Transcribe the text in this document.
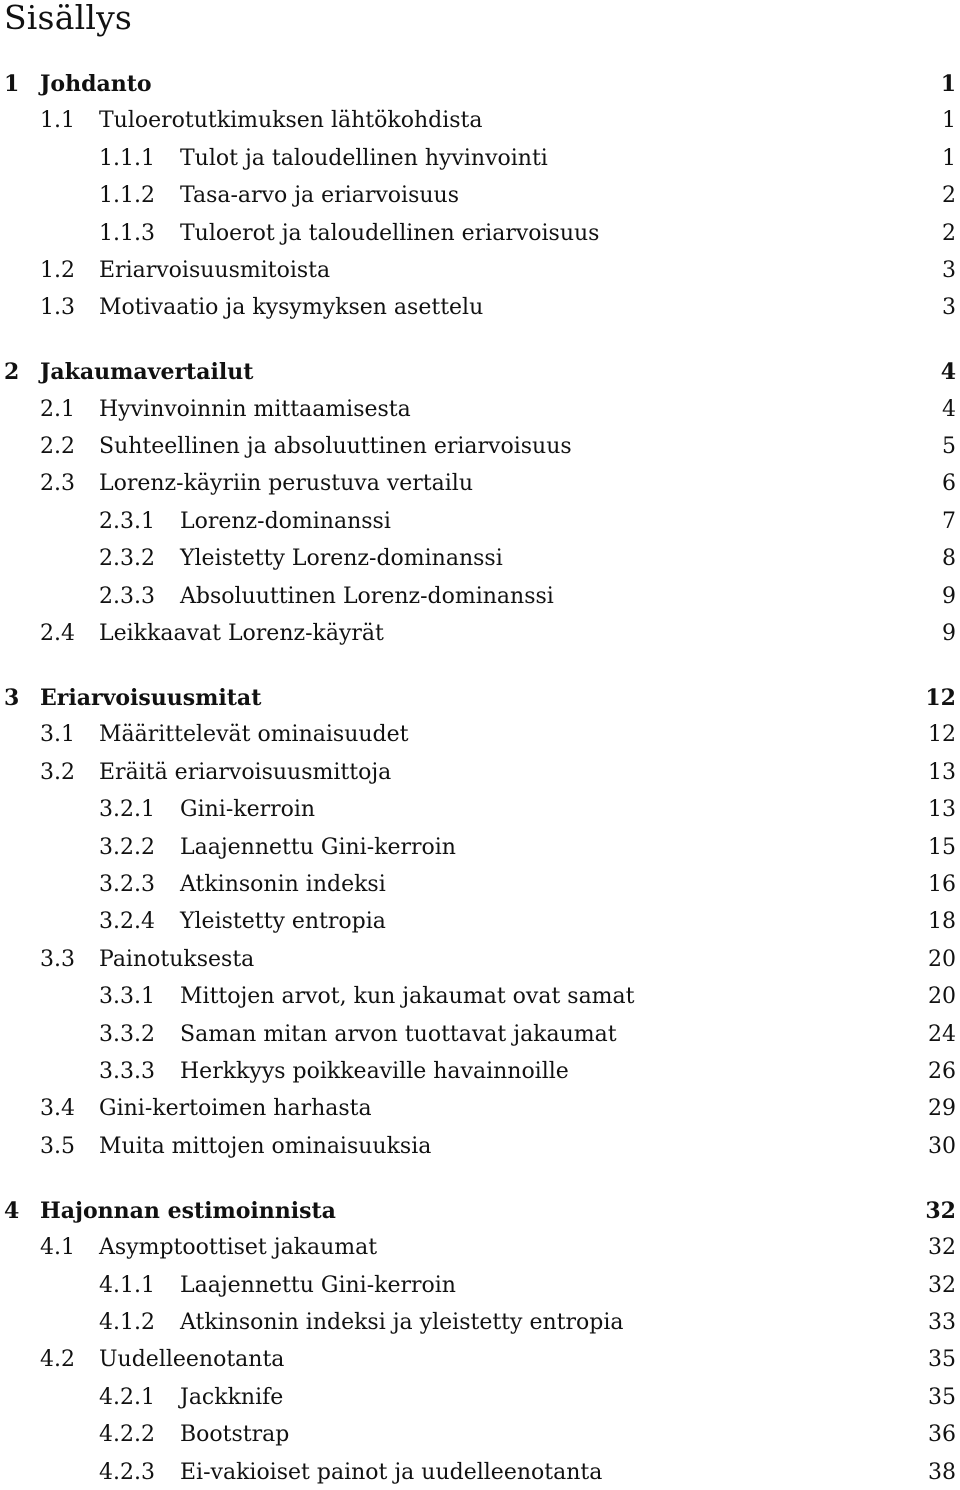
Sisällys
1 Johdanto	1
1.1 Tuloerotutkimuksen lähtökohdista	1
1.1.1 Tulot ja taloudellinen hyvinvointi	1
1.1.2 Tasa-arvo ja eriarvoisuus	2
1.1.3 Tuloerot ja taloudellinen eriarvoisuus	2
1.2 Eriarvoisuusmitoista	3
1.3 Motivaatio ja kysymyksen asettelu	3
2 Jakaumavertailut	4
2.1 Hyvinvoinnin mittaamisesta	4
2.2 Suhteellinen ja absoluuttinen eriarvoisuus	5
2.3 Lorenz-käyriin perustuva vertailu	6
2.3.1 Lorenz-dominanssi	7
2.3.2 Yleistetty Lorenz-dominanssi	8
2.3.3 Absoluuttinen Lorenz-dominanssi	9
2.4 Leikkaavat Lorenz-käyrät	9
3 Eriarvoisuusmitat	12
3.1 Määrittelevät ominaisuudet	12
3.2 Eräitä eriarvoisuusmittoja	13
3.2.1 Gini-kerroin	13
3.2.2 Laajennettu Gini-kerroin	15
3.2.3 Atkinsonin indeksi	16
3.2.4 Yleistetty entropia	18
3.3 Painotuksesta	20
3.3.1 Mittojen arvot, kun jakaumat ovat samat	20
3.3.2 Saman mitan arvon tuottavat jakaumat	24
3.3.3 Herkkyys poikkeaville havainnoille	26
3.4 Gini-kertoimen harhasta	29
3.5 Muita mittojen ominaisuuksia	30
4 Hajonnan estimoinnista	32
4.1 Asymptoottiset jakaumat	32
4.1.1 Laajennettu Gini-kerroin	32
4.1.2 Atkinsonin indeksi ja yleistetty entropia	33
4.2 Uudelleenotanta	35
4.2.1 Jackknife	35
4.2.2 Bootstrap	36
4.2.3 Ei-vakioiset painot ja uudelleenotanta	38
